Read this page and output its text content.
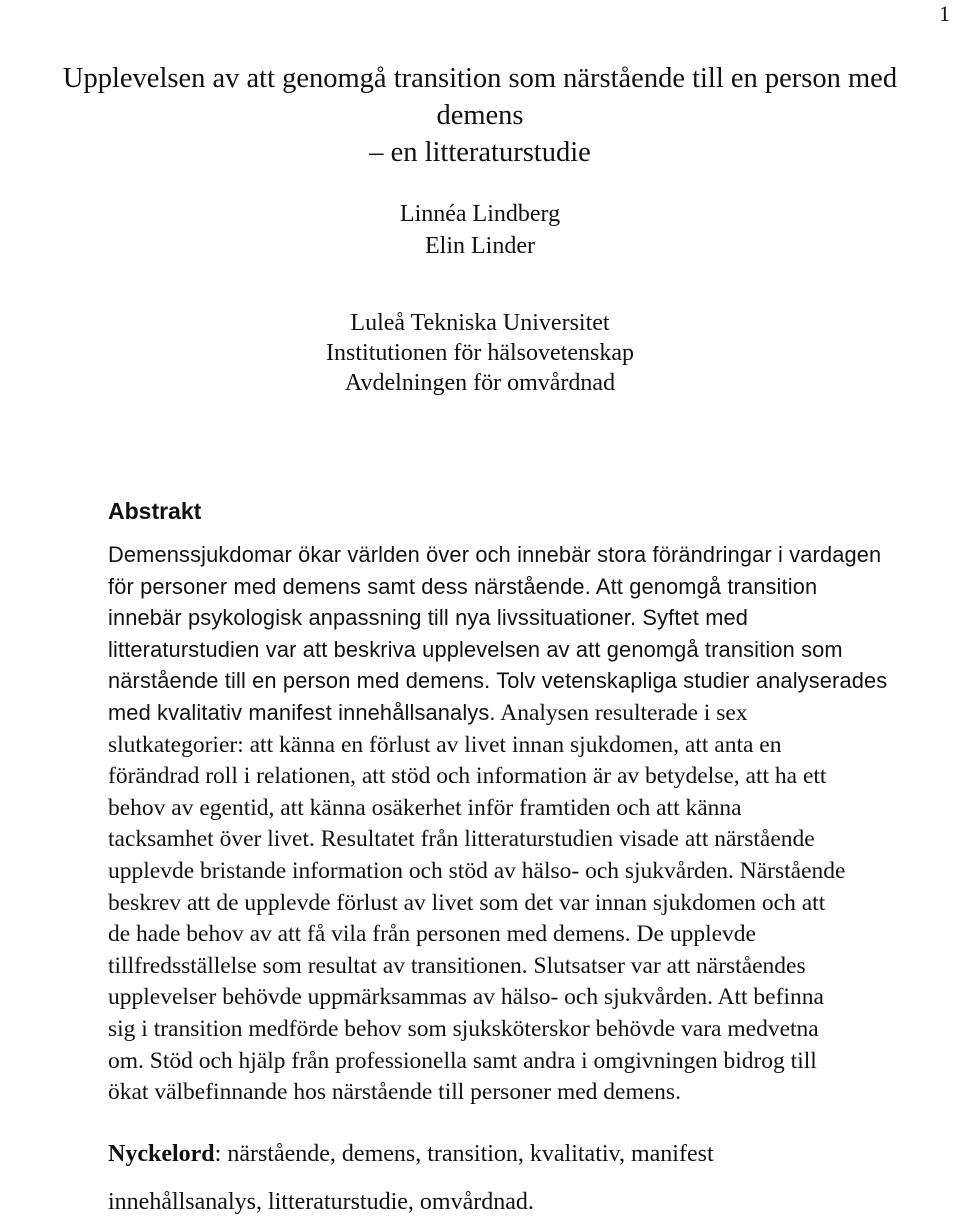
1
Upplevelsen av att genomgå transition som närstående till en person med
demens
– en litteraturstudie
Linnéa Lindberg
Elin Linder
Luleå Tekniska Universitet
Institutionen för hälsovetenskap
Avdelningen för omvårdnad
Abstrakt
Demenssjukdomar ökar världen över och innebär stora förändringar i vardagen
för personer med demens samt dess närstående. Att genomgå transition
innebär psykologisk anpassning till nya livssituationer. Syftet med
litteraturstudien var att beskriva upplevelsen av att genomgå transition som
närstående till en person med demens. Tolv vetenskapliga studier analyserades
med kvalitativ manifest innehållsanalys. Analysen resulterade i sex
slutkategorier: att känna en förlust av livet innan sjukdomen, att anta en
förändrad roll i relationen, att stöd och information är av betydelse, att ha ett
behov av egentid, att känna osäkerhet inför framtiden och att känna
tacksamhet över livet. Resultatet från litteraturstudien visade att närstående
upplevde bristande information och stöd av hälso- och sjukvården. Närstående
beskrev att de upplevde förlust av livet som det var innan sjukdomen och att
de hade behov av att få vila från personen med demens. De upplevde
tillfredsställelse som resultat av transitionen. Slutsatser var att närståendes
upplevelser behövde uppmärksammas av hälso- och sjukvården. Att befinna
sig i transition medförde behov som sjuksköterskor behövde vara medvetna
om. Stöd och hjälp från professionella samt andra i omgivningen bidrog till
ökat välbefinnande hos närstående till personer med demens.
Nyckelord: närstående, demens, transition, kvalitativ, manifest
innehållsanalys, litteraturstudie, omvårdnad.
